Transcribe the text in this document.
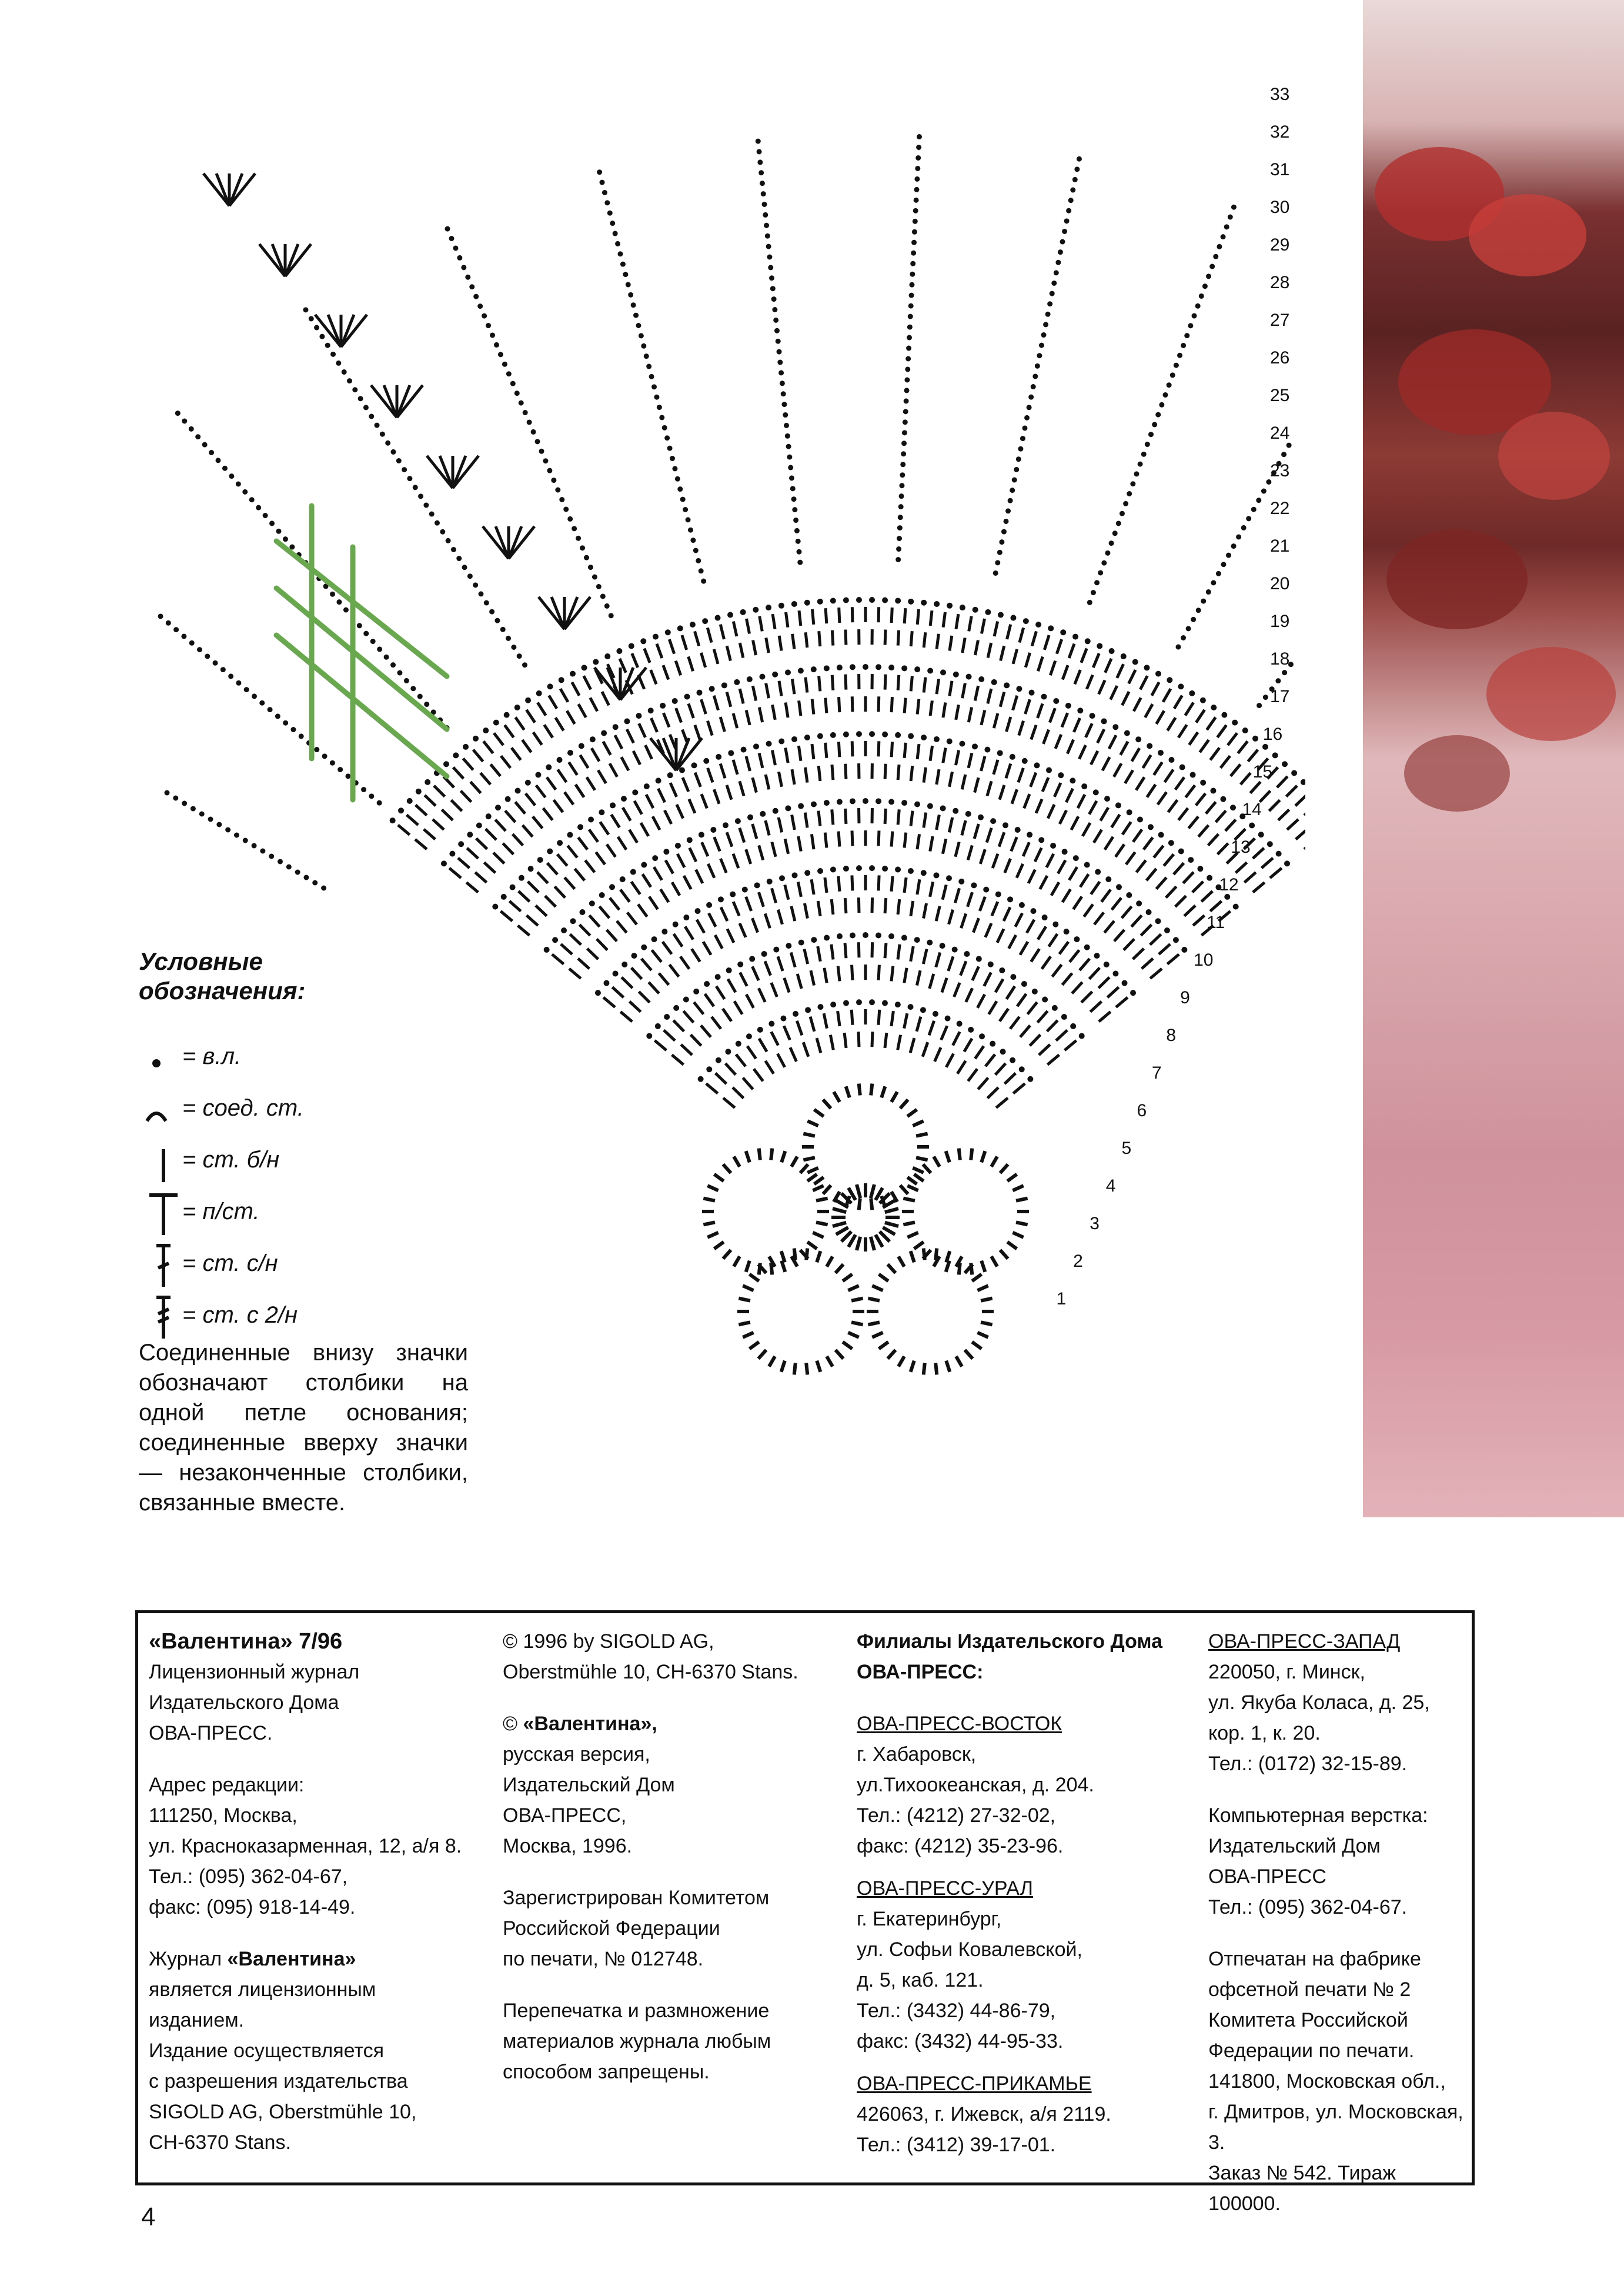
33
32
31
30
29
28
27
26
25
24
23
22
21
20
19
18
17
16
15
14
13
12
11
10
9
8
7
6
5
4
3
2
1
Условные обозначения:
= в.л.
= соед. ст.
= ст. б/н
= п/ст.
= ст. с/н
= ст. с 2/н
Соединенные внизу значки обозначают столбики на одной петле основания; соединенные вверху значки — незаконченные столбики, связанные вместе.
«Валентина» 7/96
Лицензионный журнал
Издательского Дома
ОВА-ПРЕСС.
Адрес редакции:
111250, Москва,
ул. Красноказарменная, 12, а/я 8.
Тел.: (095) 362-04-67,
факс: (095) 918-14-49.
Журнал «Валентина»
является лицензионным
изданием.
Издание осуществляется
с разрешения издательства
SIGOLD AG, Oberstmühle 10,
CH-6370 Stans.
© 1996 by SIGOLD AG,
Oberstmühle 10, CH-6370 Stans.
© «Валентина»,
русская версия,
Издательский Дом
ОВА-ПРЕСС,
Москва, 1996.
Зарегистрирован Комитетом
Российской Федерации
по печати, № 012748.
Перепечатка и размножение
материалов журнала любым
способом запрещены.
Филиалы Издательского Дома
ОВА-ПРЕСС:
ОВА-ПРЕСС-ВОСТОК
г. Хабаровск,
ул.Тихоокеанская, д. 204.
Тел.: (4212) 27-32-02,
факс: (4212) 35-23-96.
ОВА-ПРЕСС-УРАЛ
г. Екатеринбург,
ул. Софьи Ковалевской,
д. 5, каб. 121.
Тел.: (3432) 44-86-79,
факс: (3432) 44-95-33.
ОВА-ПРЕСС-ПРИКАМЬЕ
426063, г. Ижевск, а/я 2119.
Тел.: (3412) 39-17-01.
ОВА-ПРЕСС-ЗАПАД
220050, г. Минск,
ул. Якуба Коласа, д. 25,
кор. 1, к. 20.
Тел.: (0172) 32-15-89.
Компьютерная верстка:
Издательский Дом
ОВА-ПРЕСС
Тел.: (095) 362-04-67.
Отпечатан на фабрике
офсетной печати № 2
Комитета Российской
Федерации по печати.
141800, Московская обл.,
г. Дмитров, ул. Московская, 3.
Заказ № 542. Тираж 100000.
4
